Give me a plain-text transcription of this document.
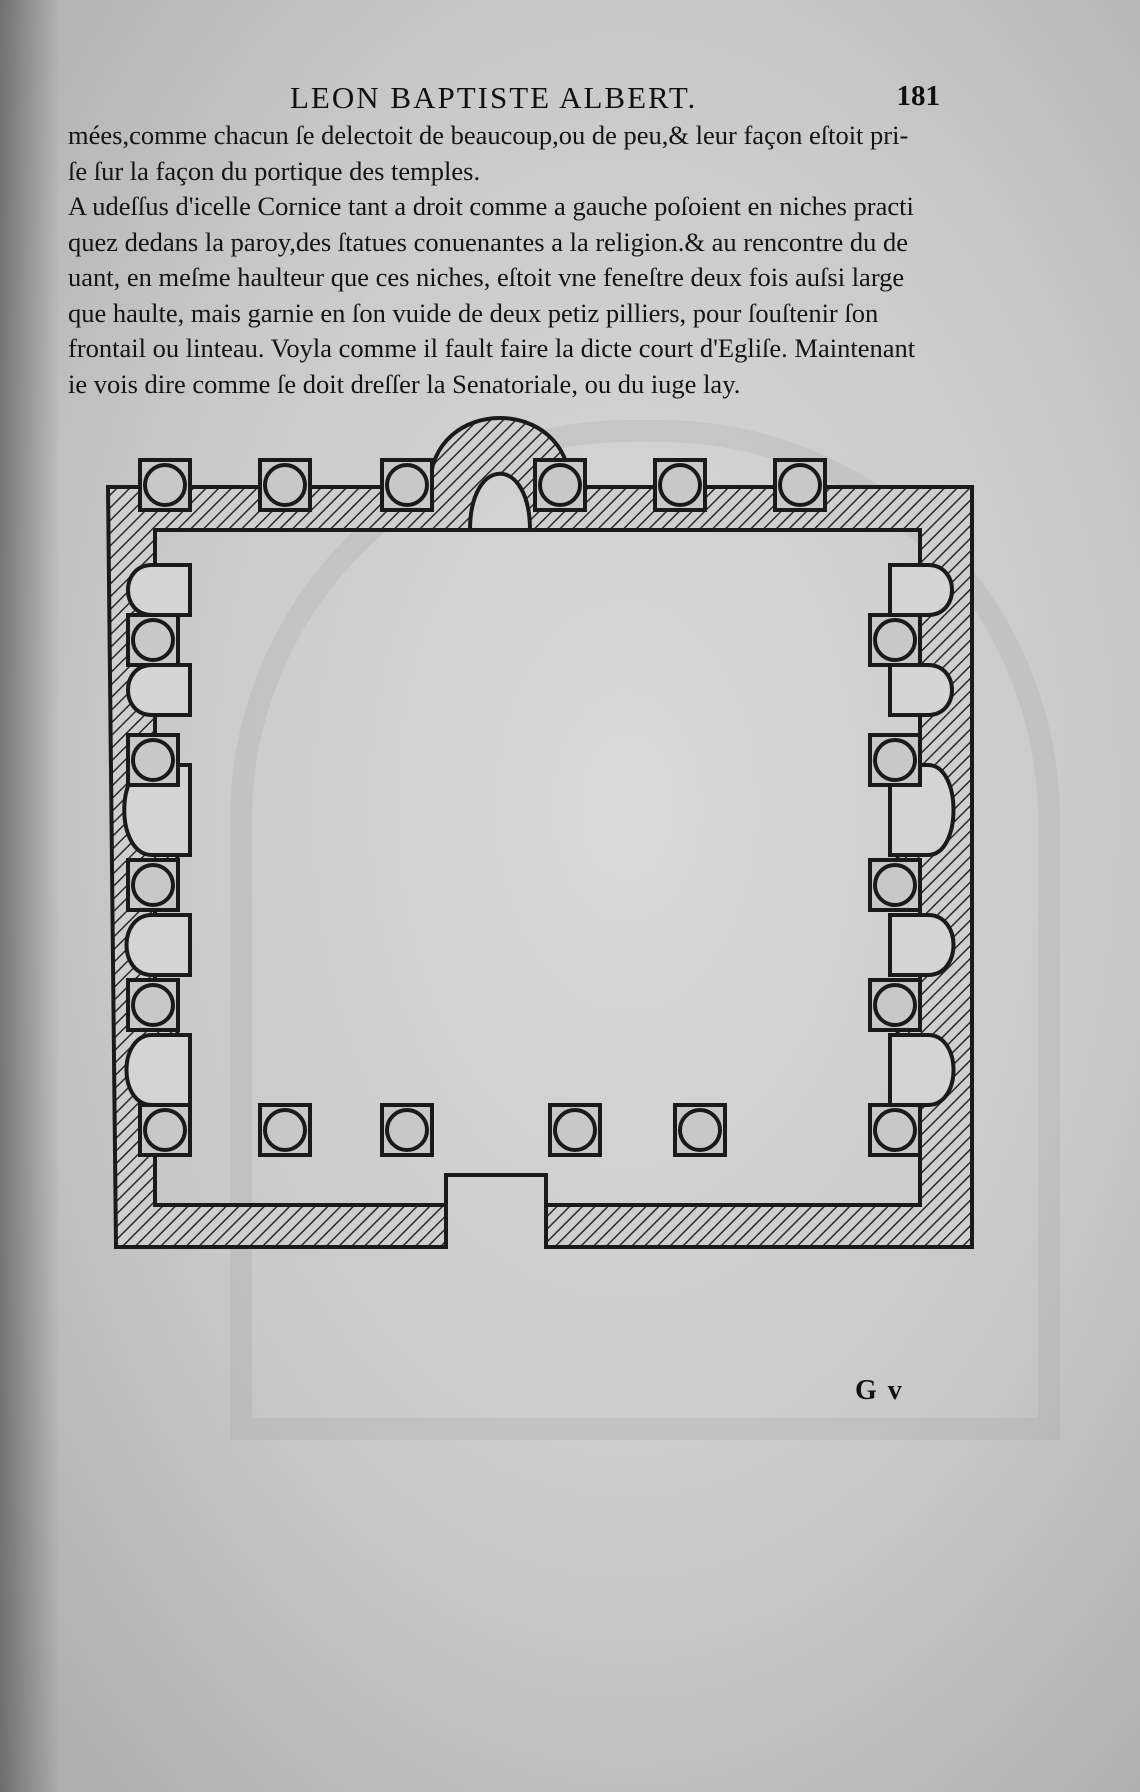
LEON BAPTISTE ALBERT.	181
mées,comme chacun ſe delectoit de beaucoup,ou de peu,& leur façon eſtoit pri-
ſe ſur la façon du portique des temples.
A udeſſus d'icelle Cornice tant a droit comme a gauche poſoient en niches practi
quez dedans la paroy,des ſtatues conuenantes a la religion.& au rencontre du de
uant, en meſme haulteur que ces niches, eſtoit vne feneſtre deux fois auſsi large
que haulte, mais garnie en ſon vuide de deux petiz pilliers, pour ſouſtenir ſon
frontail ou linteau. Voyla comme il fault faire la dicte court d'Egliſe. Maintenant
ie vois dire comme ſe doit dreſſer la Senatoriale, ou du iuge lay.
G v
